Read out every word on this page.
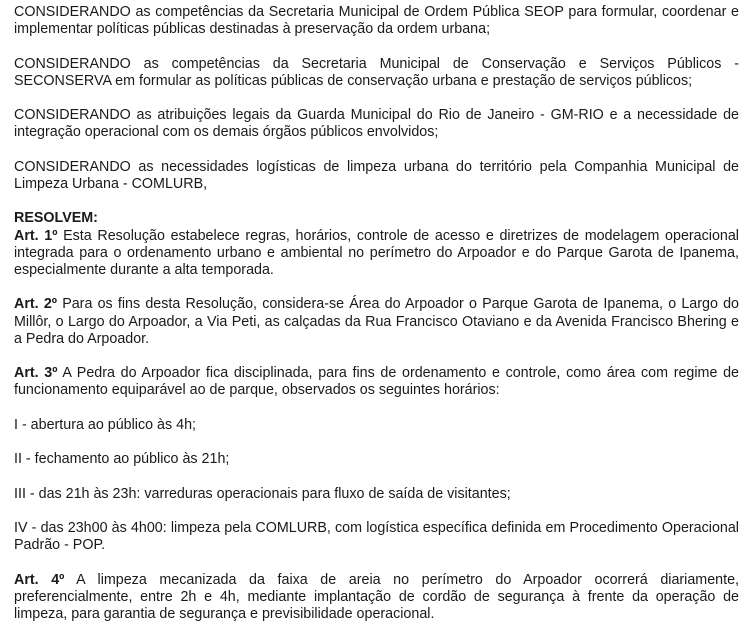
CONSIDERANDO as competências da Secretaria Municipal de Ordem Pública SEOP para formular, coordenar e implementar políticas públicas destinadas à preservação da ordem urbana;

CONSIDERANDO as competências da Secretaria Municipal de Conservação e Serviços Públicos - SECONSERVA em formular as políticas públicas de conservação urbana e prestação de serviços públicos;

CONSIDERANDO as atribuições legais da Guarda Municipal do Rio de Janeiro - GM-RIO e a necessidade de integração operacional com os demais órgãos públicos envolvidos;

CONSIDERANDO as necessidades logísticas de limpeza urbana do território pela Companhia Municipal de Limpeza Urbana - COMLURB,

RESOLVEM:

Art. 1º Esta Resolução estabelece regras, horários, controle de acesso e diretrizes de modelagem operacional integrada para o ordenamento urbano e ambiental no perímetro do Arpoador e do Parque Garota de Ipanema, especialmente durante a alta temporada.

Art. 2º Para os fins desta Resolução, considera-se Área do Arpoador o Parque Garota de Ipanema, o Largo do Millôr, o Largo do Arpoador, a Via Peti, as calçadas da Rua Francisco Otaviano e da Avenida Francisco Bhering e a Pedra do Arpoador.

Art. 3º A Pedra do Arpoador fica disciplinada, para fins de ordenamento e controle, como área com regime de funcionamento equiparável ao de parque, observados os seguintes horários:

I - abertura ao público às 4h;

II - fechamento ao público às 21h;

III - das 21h às 23h: varreduras operacionais para fluxo de saída de visitantes;

IV - das 23h00 às 4h00: limpeza pela COMLURB, com logística específica definida em Procedimento Operacional Padrão - POP.

Art. 4º A limpeza mecanizada da faixa de areia no perímetro do Arpoador ocorrerá diariamente, preferencialmente, entre 2h e 4h, mediante implantação de cordão de segurança à frente da operação de limpeza, para garantia de segurança e previsibilidade operacional.
